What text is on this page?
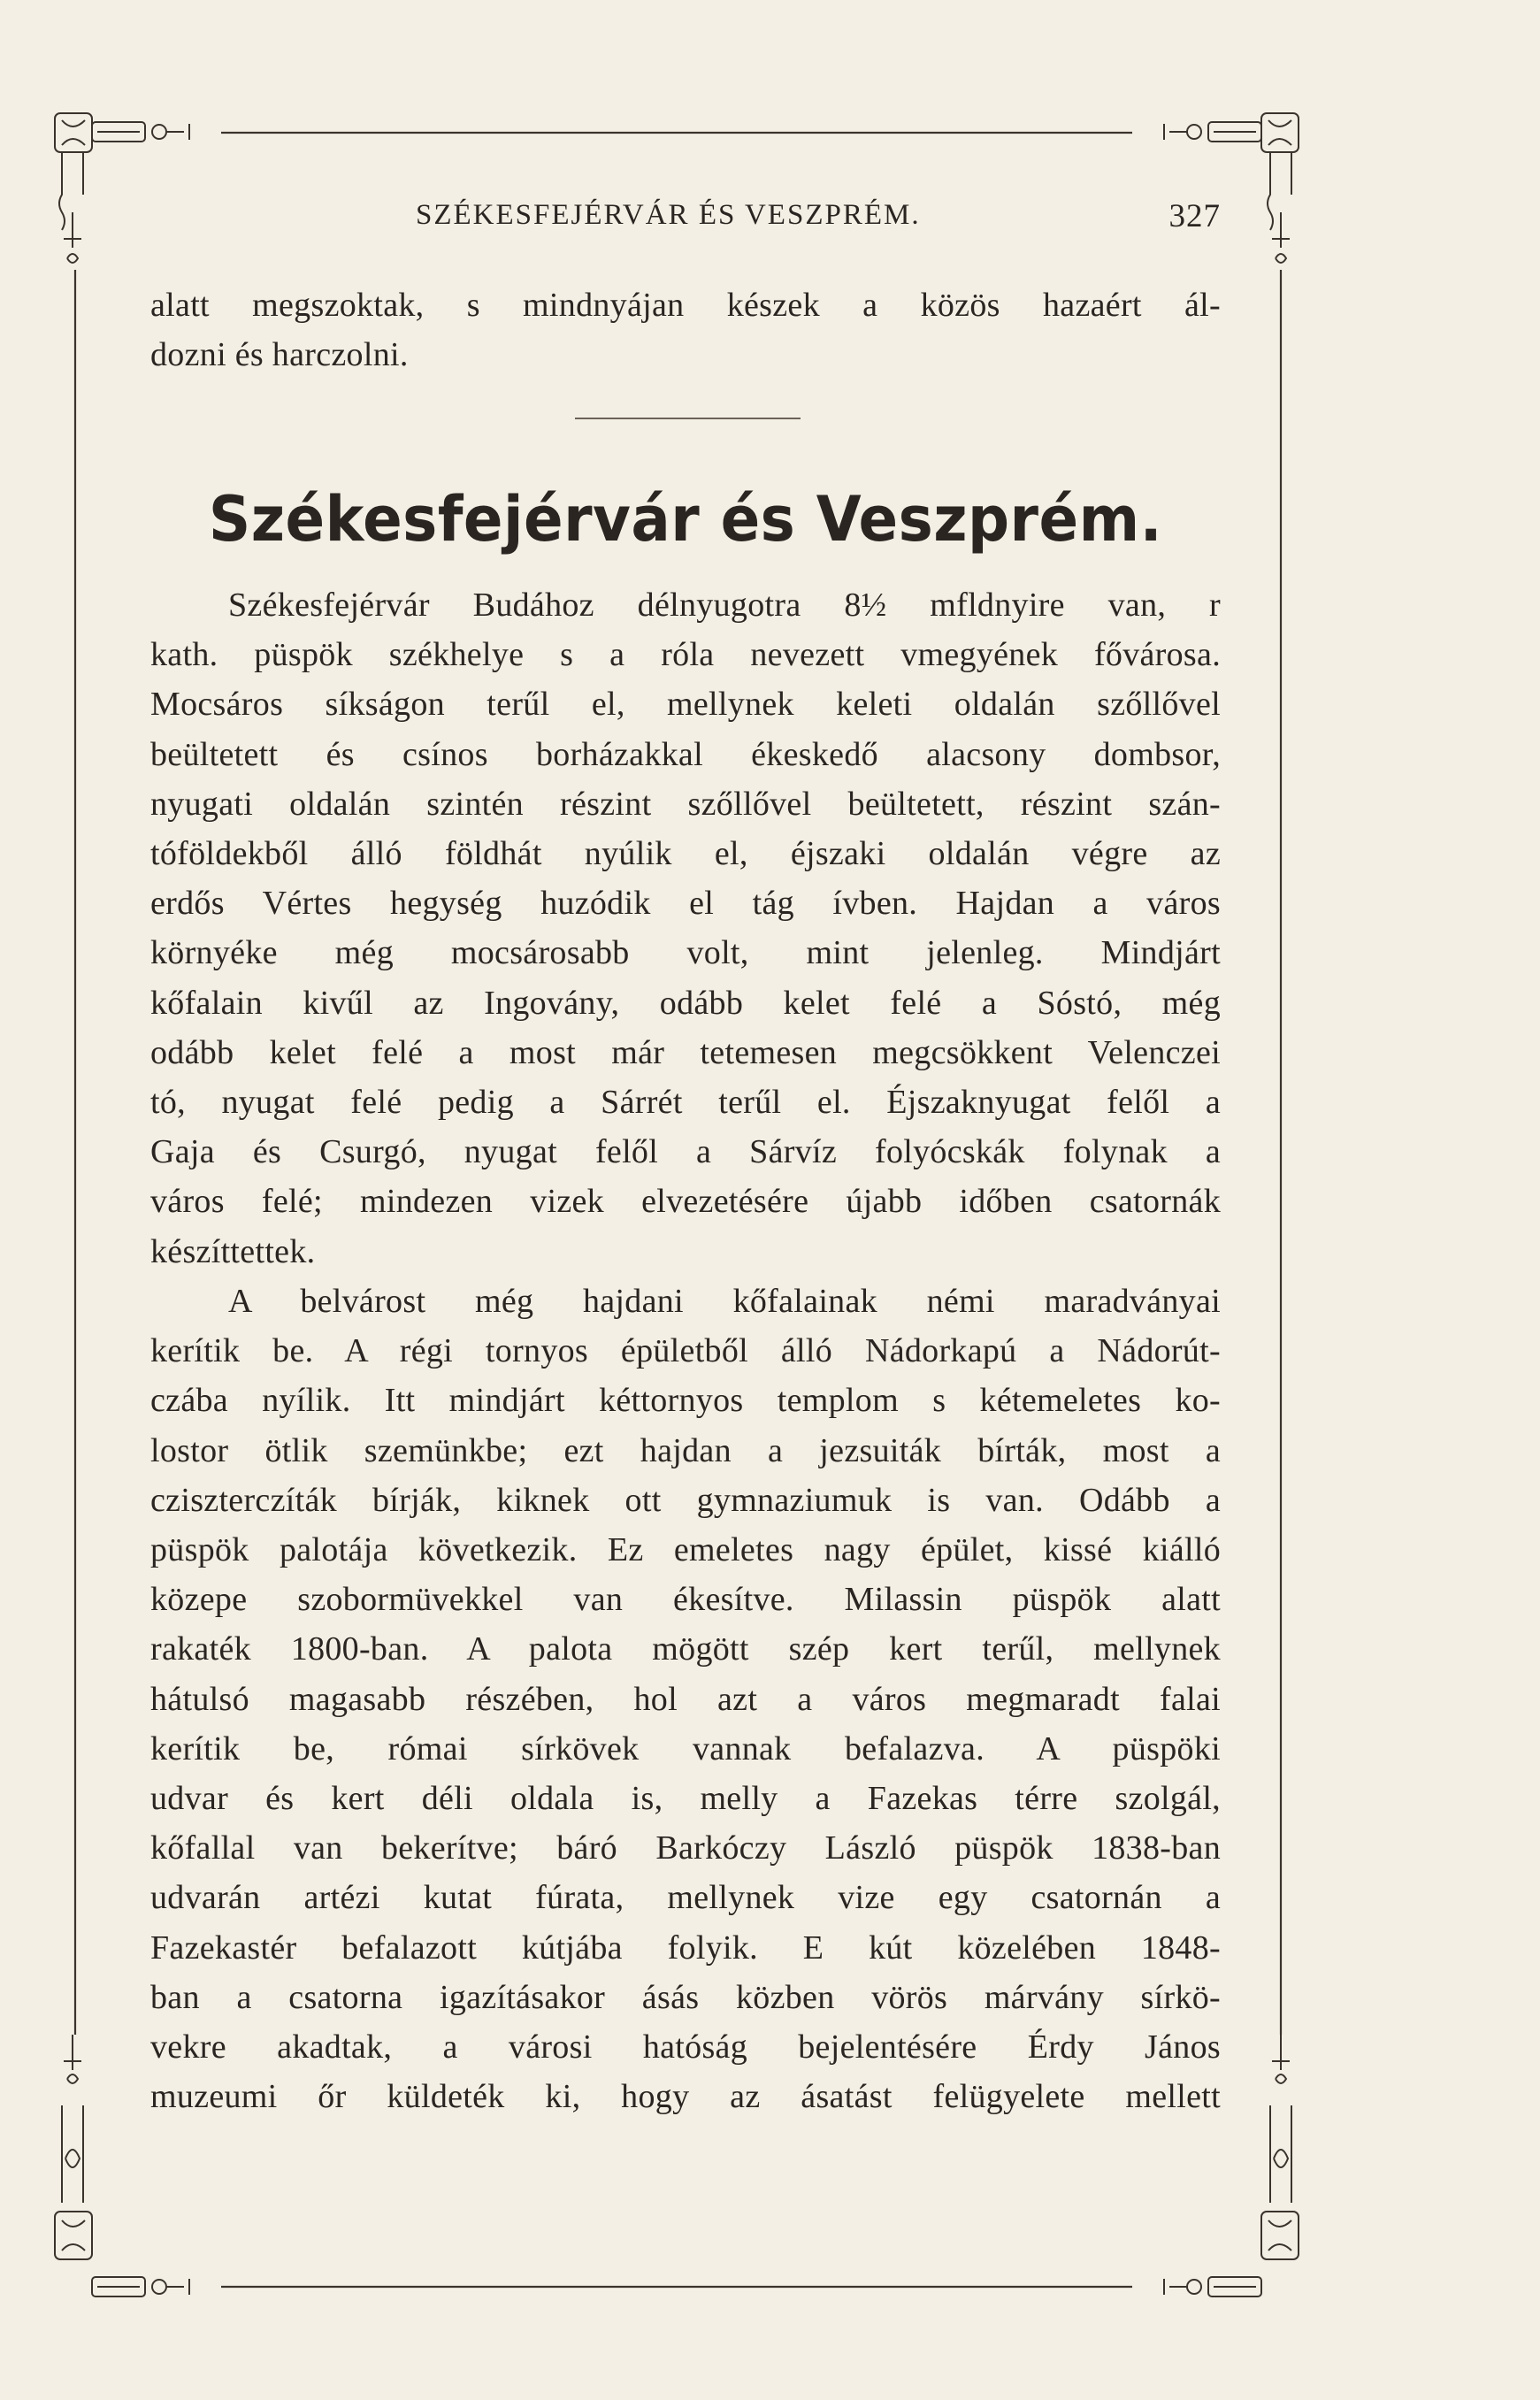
SZÉKESFEJÉRVÁR ÉS VESZPRÉM.	327

alatt megszoktak, s mindnyájan készek a közös hazaért ál-

dozni és harczolni.

Székesfejérvár és Veszprém.

Székesfejérvár Budához délnyugotra 8½ mfldnyire van, r

kath. püspök székhelye s a róla nevezett vmegyének fővárosa.

Mocsáros síkságon terűl el, mellynek keleti oldalán szőllővel

beültetett és csínos borházakkal ékeskedő alacsony dombsor,

nyugati oldalán szintén részint szőllővel beültetett, részint szán-

tóföldekből álló földhát nyúlik el, éjszaki oldalán végre az

erdős Vértes hegység huzódik el tág ívben. Hajdan a város

környéke még mocsárosabb volt, mint jelenleg. Mindjárt

kőfalain kivűl az Ingovány, odább kelet felé a Sóstó, még

odább kelet felé a most már tetemesen megcsökkent Velenczei

tó, nyugat felé pedig a Sárrét terűl el. Éjszaknyugat felől a

Gaja és Csurgó, nyugat felől a Sárvíz folyócskák folynak a

város felé; mindezen vizek elvezetésére újabb időben csatornák

készíttettek.

A belvárost még hajdani kőfalainak némi maradványai

kerítik be. A régi tornyos épületből álló Nádorkapú a Nádorút-

czába nyílik. Itt mindjárt kéttornyos templom s kétemeletes ko-

lostor ötlik szemünkbe; ezt hajdan a jezsuiták bírták, most a

cziszterczíták bírják, kiknek ott gymnaziumuk is van. Odább a

püspök palotája következik. Ez emeletes nagy épület, kissé kiálló

közepe szobormüvekkel van ékesítve. Milassin püspök alatt

rakaték 1800-ban. A palota mögött szép kert terűl, mellynek

hátulsó magasabb részében, hol azt a város megmaradt falai

kerítik be, római sírkövek vannak befalazva. A püspöki

udvar és kert déli oldala is, melly a Fazekas térre szolgál,

kőfallal van bekerítve; báró Barkóczy László püspök 1838-ban

udvarán artézi kutat fúrata, mellynek vize egy csatornán a

Fazekastér befalazott kútjába folyik. E kút közelében 1848-

ban a csatorna igazításakor ásás közben vörös márvány sírkö-

vekre akadtak, a városi hatóság bejelentésére Érdy János

muzeumi őr küldeték ki, hogy az ásatást felügyelete mellett
